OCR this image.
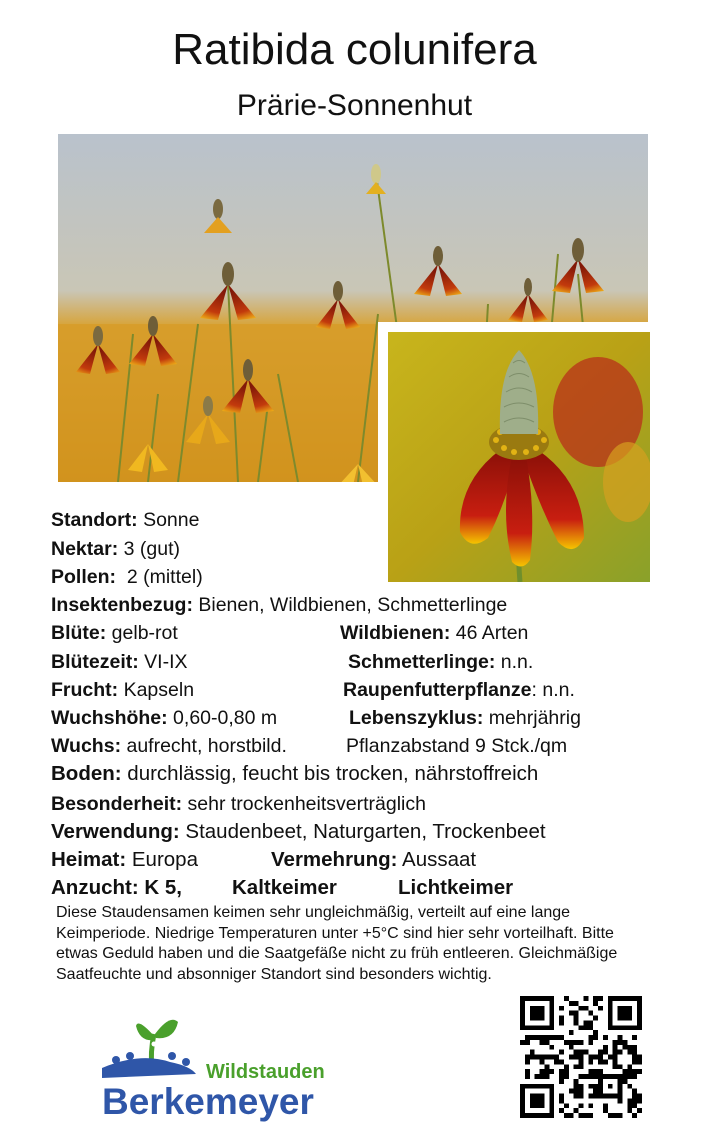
Ratibida colunifera
Prärie-Sonnenhut
Standort: Sonne
Nektar: 3 (gut)
Pollen:  2 (mittel)
Insektenbezug: Bienen, Wildbienen, Schmetterlinge
Blüte: gelb-rot	Wildbienen: 46 Arten
Blütezeit: VI-IX	Schmetterlinge: n.n.
Frucht: Kapseln	Raupenfutterpflanze: n.n.
Wuchshöhe: 0,60-0,80 m	Lebenszyklus: mehrjährig
Wuchs: aufrecht, horstbild.	Pflanzabstand 9 Stck./qm
Boden: durchlässig, feucht bis trocken, nährstoffreich
Besonderheit: sehr trockenheitsverträglich
Verwendung: Staudenbeet, Naturgarten, Trockenbeet
Heimat: Europa	Vermehrung: Aussaat
Anzucht: K 5, Kaltkeimer	Lichtkeimer
Diese Staudensamen keimen sehr ungleichmäßig, verteilt auf eine lange Keimperiode. Niedrige Temperaturen unter +5°C sind hier sehr vorteilhaft. Bitte etwas Geduld haben und die Saatgefäße nicht zu früh entleeren. Gleichmäßige Saatfeuchte und absonniger Standort sind besonders wichtig.
Wildstauden
Berkemeyer
